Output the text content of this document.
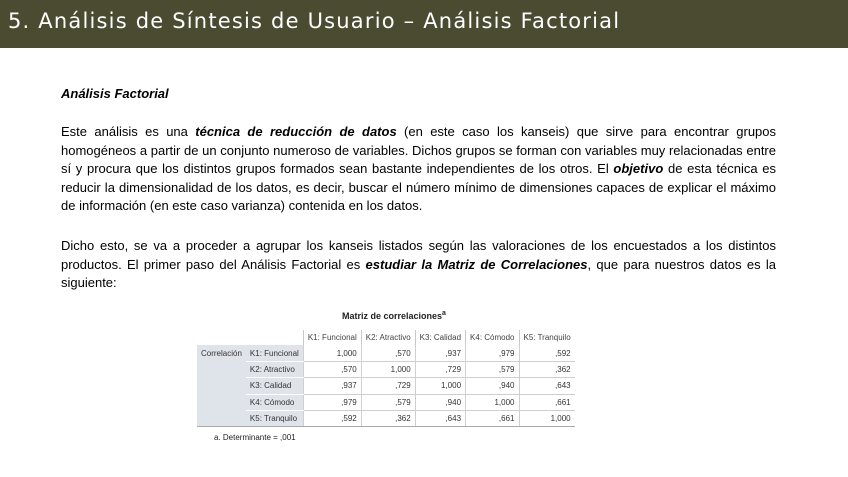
5. Análisis de Síntesis de Usuario – Análisis Factorial
Análisis Factorial

Este análisis es una técnica de reducción de datos (en este caso los kanseis) que sirve para encontrar grupos homogéneos a partir de un conjunto numeroso de variables. Dichos grupos se forman con variables muy relacionadas entre sí y procura que los distintos grupos formados sean bastante independientes de los otros. El objetivo de esta técnica es reducir la dimensionalidad de los datos, es decir, buscar el número mínimo de dimensiones capaces de explicar el máximo de información (en este caso varianza) contenida en los datos.

Dicho esto, se va a proceder a agrupar los kanseis listados según las valoraciones de los encuestados a los distintos productos. El primer paso del Análisis Factorial es estudiar la Matriz de Correlaciones, que para nuestros datos es la siguiente:

Matriz de correlaciones$^a$
		K1: Funcional	K2: Atractivo	K3: Calidad	K4: Cómodo	K5: Tranquilo
Correlación	K1: Funcional	1,000	,570	,937	,979	,592
	K2: Atractivo	,570	1,000	,729	,579	,362
	K3: Calidad	,937	,729	1,000	,940	,643
	K4: Cómodo	,979	,579	,940	1,000	,661
	K5: Tranquilo	,592	,362	,643	,661	1,000
a. Determinante = ,001
